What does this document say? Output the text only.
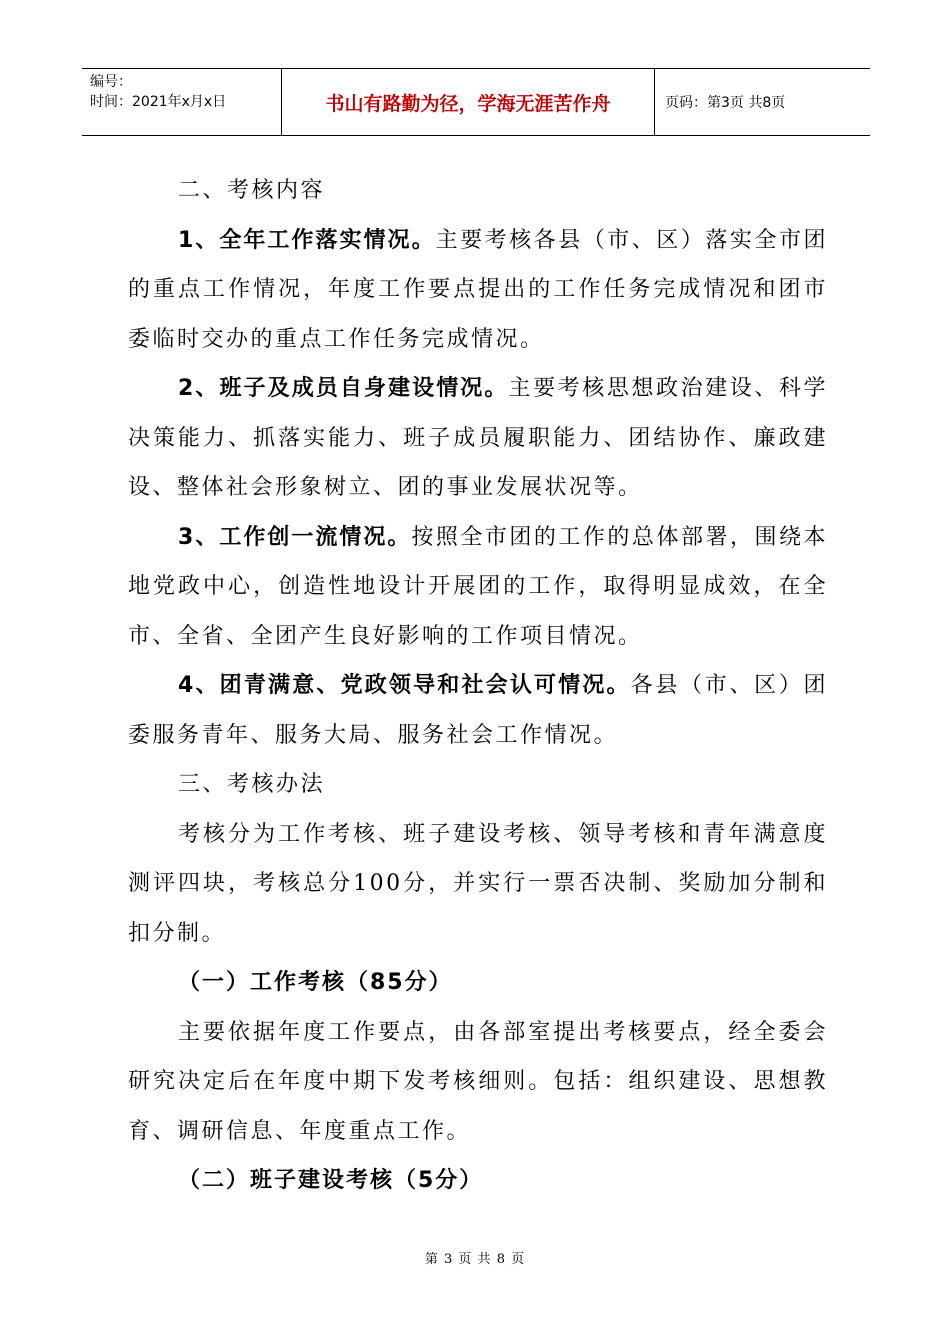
编号：
时间：2021年x月x日	书山有路勤为径，学海无涯苦作舟	页码：第3页 共8页

二、考核内容

1、全年工作落实情况。主要考核各县（市、区）落实全市团的重点工作情况，年度工作要点提出的工作任务完成情况和团市委临时交办的重点工作任务完成情况。

2、班子及成员自身建设情况。主要考核思想政治建设、科学决策能力、抓落实能力、班子成员履职能力、团结协作、廉政建设、整体社会形象树立、团的事业发展状况等。

3、工作创一流情况。按照全市团的工作的总体部署，围绕本地党政中心，创造性地设计开展团的工作，取得明显成效，在全市、全省、全团产生良好影响的工作项目情况。

4、团青满意、党政领导和社会认可情况。各县（市、区）团委服务青年、服务大局、服务社会工作情况。

三、考核办法

考核分为工作考核、班子建设考核、领导考核和青年满意度测评四块，考核总分100分，并实行一票否决制、奖励加分制和扣分制。

（一）工作考核（85分）

主要依据年度工作要点，由各部室提出考核要点，经全委会研究决定后在年度中期下发考核细则。包括：组织建设、思想教育、调研信息、年度重点工作。

（二）班子建设考核（5分）

第 3 页 共 8 页
